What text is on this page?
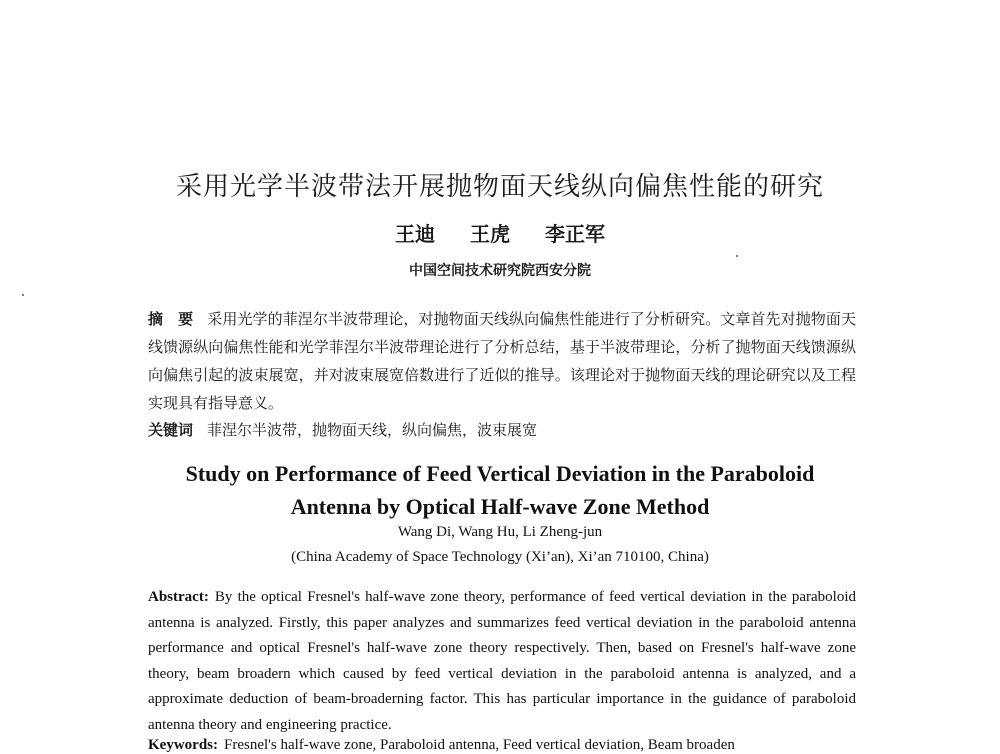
采用光学半波带法开展抛物面天线纵向偏焦性能的研究
王迪 王虎 李正军
中国空间技术研究院西安分院
摘　要 采用光学的菲涅尔半波带理论，对抛物面天线纵向偏焦性能进行了分析研究。文章首先对抛物面天线馈源纵向偏焦性能和光学菲涅尔半波带理论进行了分析总结，基于半波带理论，分析了抛物面天线馈源纵向偏焦引起的波束展宽，并对波束展宽倍数进行了近似的推导。该理论对于抛物面天线的理论研究以及工程实现具有指导意义。
关键词 菲涅尔半波带，抛物面天线，纵向偏焦，波束展宽
Study on Performance of Feed Vertical Deviation in the Paraboloid
Antenna by Optical Half-wave Zone Method
Wang Di, Wang Hu, Li Zheng-jun
(China Academy of Space Technology (Xi’an), Xi’an 710100, China)
Abstract: By the optical Fresnel's half-wave zone theory, performance of feed vertical deviation in the paraboloid antenna is analyzed. Firstly, this paper analyzes and summarizes feed vertical deviation in the paraboloid antenna performance and optical Fresnel's half-wave zone theory respectively. Then, based on Fresnel's half-wave zone theory, beam broadern which caused by feed vertical deviation in the paraboloid antenna is analyzed, and a approximate deduction of beam-broaderning factor. This has particular importance in the guidance of paraboloid antenna theory and engineering practice.
Keywords: Fresnel's half-wave zone, Paraboloid antenna, Feed vertical deviation, Beam broaden
